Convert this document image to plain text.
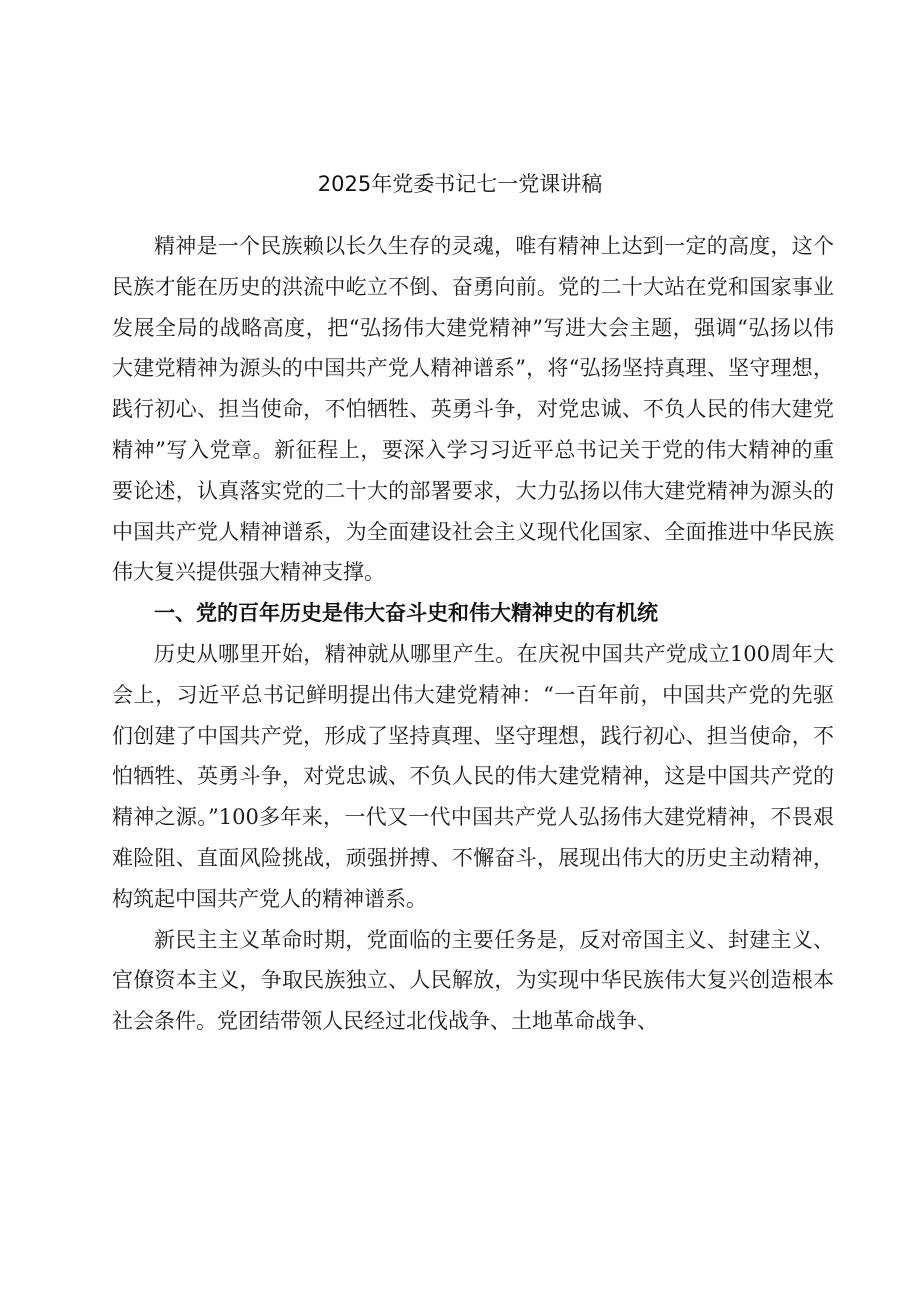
2025年党委书记七一党课讲稿

精神是一个民族赖以长久生存的灵魂，唯有精神上达到一定的高度，这个民族才能在历史的洪流中屹立不倒、奋勇向前。党的二十大站在党和国家事业发展全局的战略高度，把“弘扬伟大建党精神”写进大会主题，强调“弘扬以伟大建党精神为源头的中国共产党人精神谱系”，将“弘扬坚持真理、坚守理想，践行初心、担当使命，不怕牺牲、英勇斗争，对党忠诚、不负人民的伟大建党精神”写入党章。新征程上，要深入学习习近平总书记关于党的伟大精神的重要论述，认真落实党的二十大的部署要求，大力弘扬以伟大建党精神为源头的中国共产党人精神谱系，为全面建设社会主义现代化国家、全面推进中华民族伟大复兴提供强大精神支撑。

一、党的百年历史是伟大奋斗史和伟大精神史的有机统

历史从哪里开始，精神就从哪里产生。在庆祝中国共产党成立100周年大会上，习近平总书记鲜明提出伟大建党精神：“一百年前，中国共产党的先驱们创建了中国共产党，形成了坚持真理、坚守理想，践行初心、担当使命，不怕牺牲、英勇斗争，对党忠诚、不负人民的伟大建党精神，这是中国共产党的精神之源。”100多年来，一代又一代中国共产党人弘扬伟大建党精神，不畏艰难险阻、直面风险挑战，顽强拼搏、不懈奋斗，展现出伟大的历史主动精神，构筑起中国共产党人的精神谱系。

新民主主义革命时期，党面临的主要任务是，反对帝国主义、封建主义、官僚资本主义，争取民族独立、人民解放，为实现中华民族伟大复兴创造根本社会条件。党团结带领人民经过北伐战争、土地革命战争、
